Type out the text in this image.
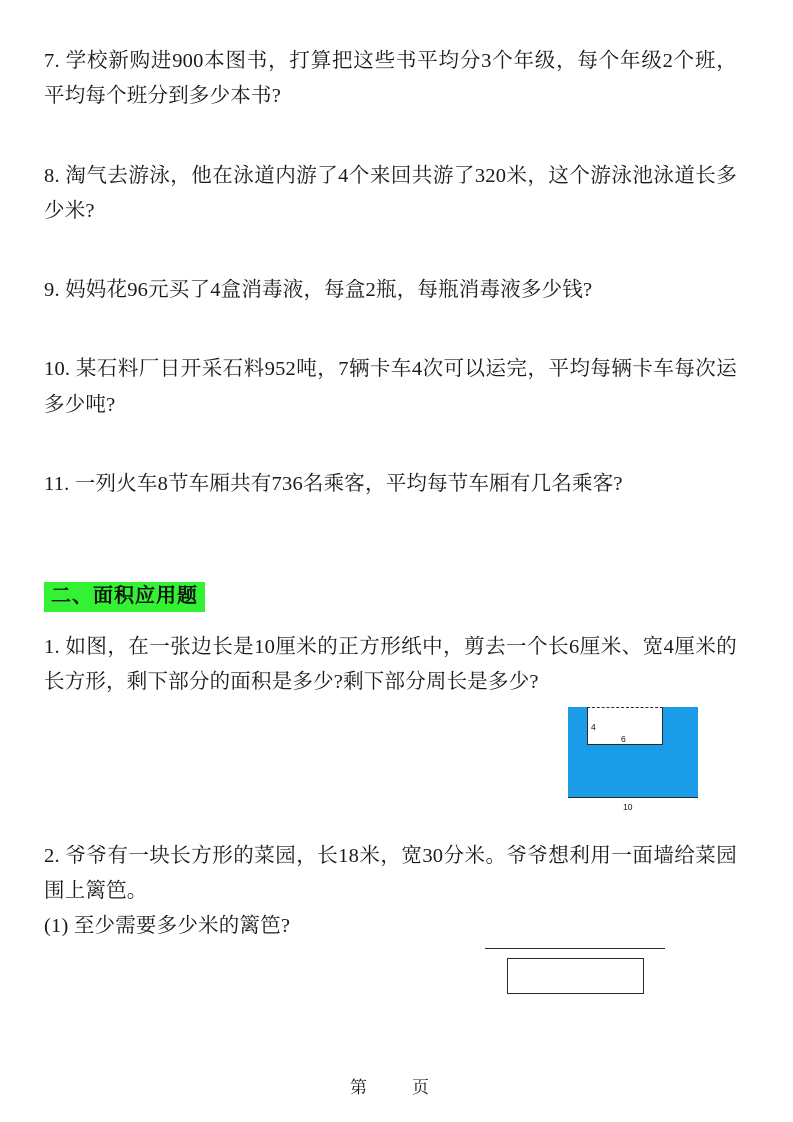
7. 学校新购进900本图书，打算把这些书平均分3个年级，每个年级2个班，平均每个班分到多少本书?

8. 淘气去游泳，他在泳道内游了4个来回共游了320米，这个游泳池泳道长多少米?

9. 妈妈花96元买了4盒消毒液，每盒2瓶，每瓶消毒液多少钱?

10. 某石料厂日开采石料952吨，7辆卡车4次可以运完，平均每辆卡车每次运多少吨?

11. 一列火车8节车厢共有736名乘客，平均每节车厢有几名乘客?

二、面积应用题

1. 如图，在一张边长是10厘米的正方形纸中，剪去一个长6厘米、宽4厘米的长方形，剩下部分的面积是多少?剩下部分周长是多少?

4
6
10

2. 爷爷有一块长方形的菜园，长18米，宽30分米。爷爷想利用一面墙给菜园围上篱笆。

(1) 至少需要多少米的篱笆?

第　页
